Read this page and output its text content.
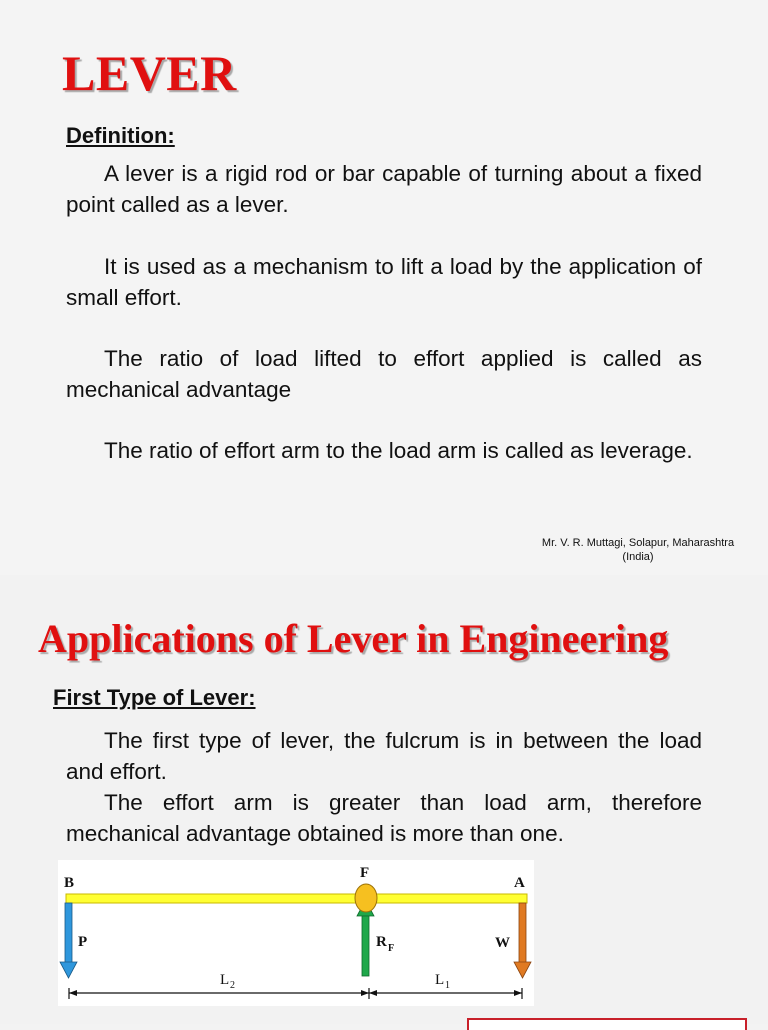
LEVER
Definition:

A lever is a rigid rod or bar capable of turning about a fixed point called as a lever.

It is used as a mechanism to lift a load by the application of small effort.

The ratio of load lifted to effort applied is called as mechanical advantage

The ratio of effort arm to the load arm is called as leverage.

Mr. V. R. Muttagi, Solapur, Maharashtra
(India)
Applications of Lever in Engineering
First Type of Lever:

The first type of lever, the fulcrum is in between the load and effort.

The effort arm is greater than load arm, therefore mechanical advantage obtained is more than one.

B
F
A
P	R F	W
L 2	L 1
